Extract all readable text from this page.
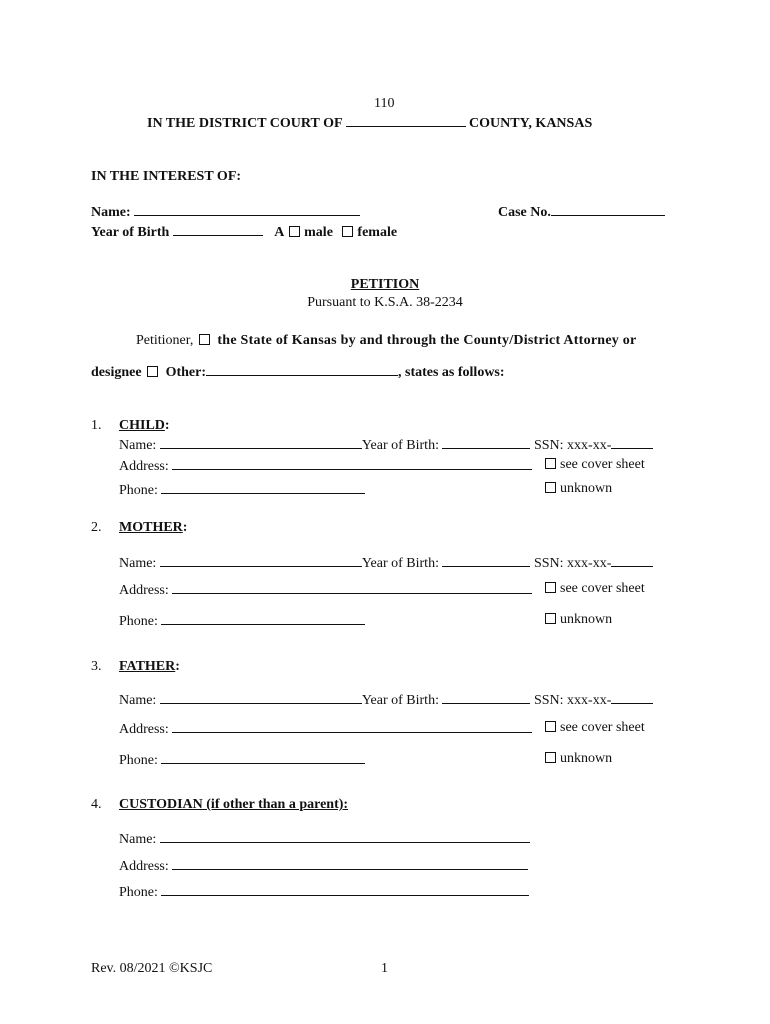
110
IN THE DISTRICT COURT OF	COUNTY, KANSAS
IN THE INTEREST OF:
Name:	Case No.
Year of Birth	A male female
PETITION
Pursuant to K.S.A. 38-2234
Petitioner, the State of Kansas by and through the County/District Attorney or
designee Other:	, states as follows:
1. CHILD:
Name:	Year of Birth:	SSN: xxx-xx-
Address:	see cover sheet
Phone:	unknown
2. MOTHER:
Name:	Year of Birth:	SSN: xxx-xx-
Address:	see cover sheet
Phone:	unknown
3. FATHER:
Name:	Year of Birth:	SSN: xxx-xx-
Address:	see cover sheet
Phone:	unknown
4. CUSTODIAN (if other than a parent):
Name:
Address:
Phone:
Rev. 08/2021 ©KSJC	1
